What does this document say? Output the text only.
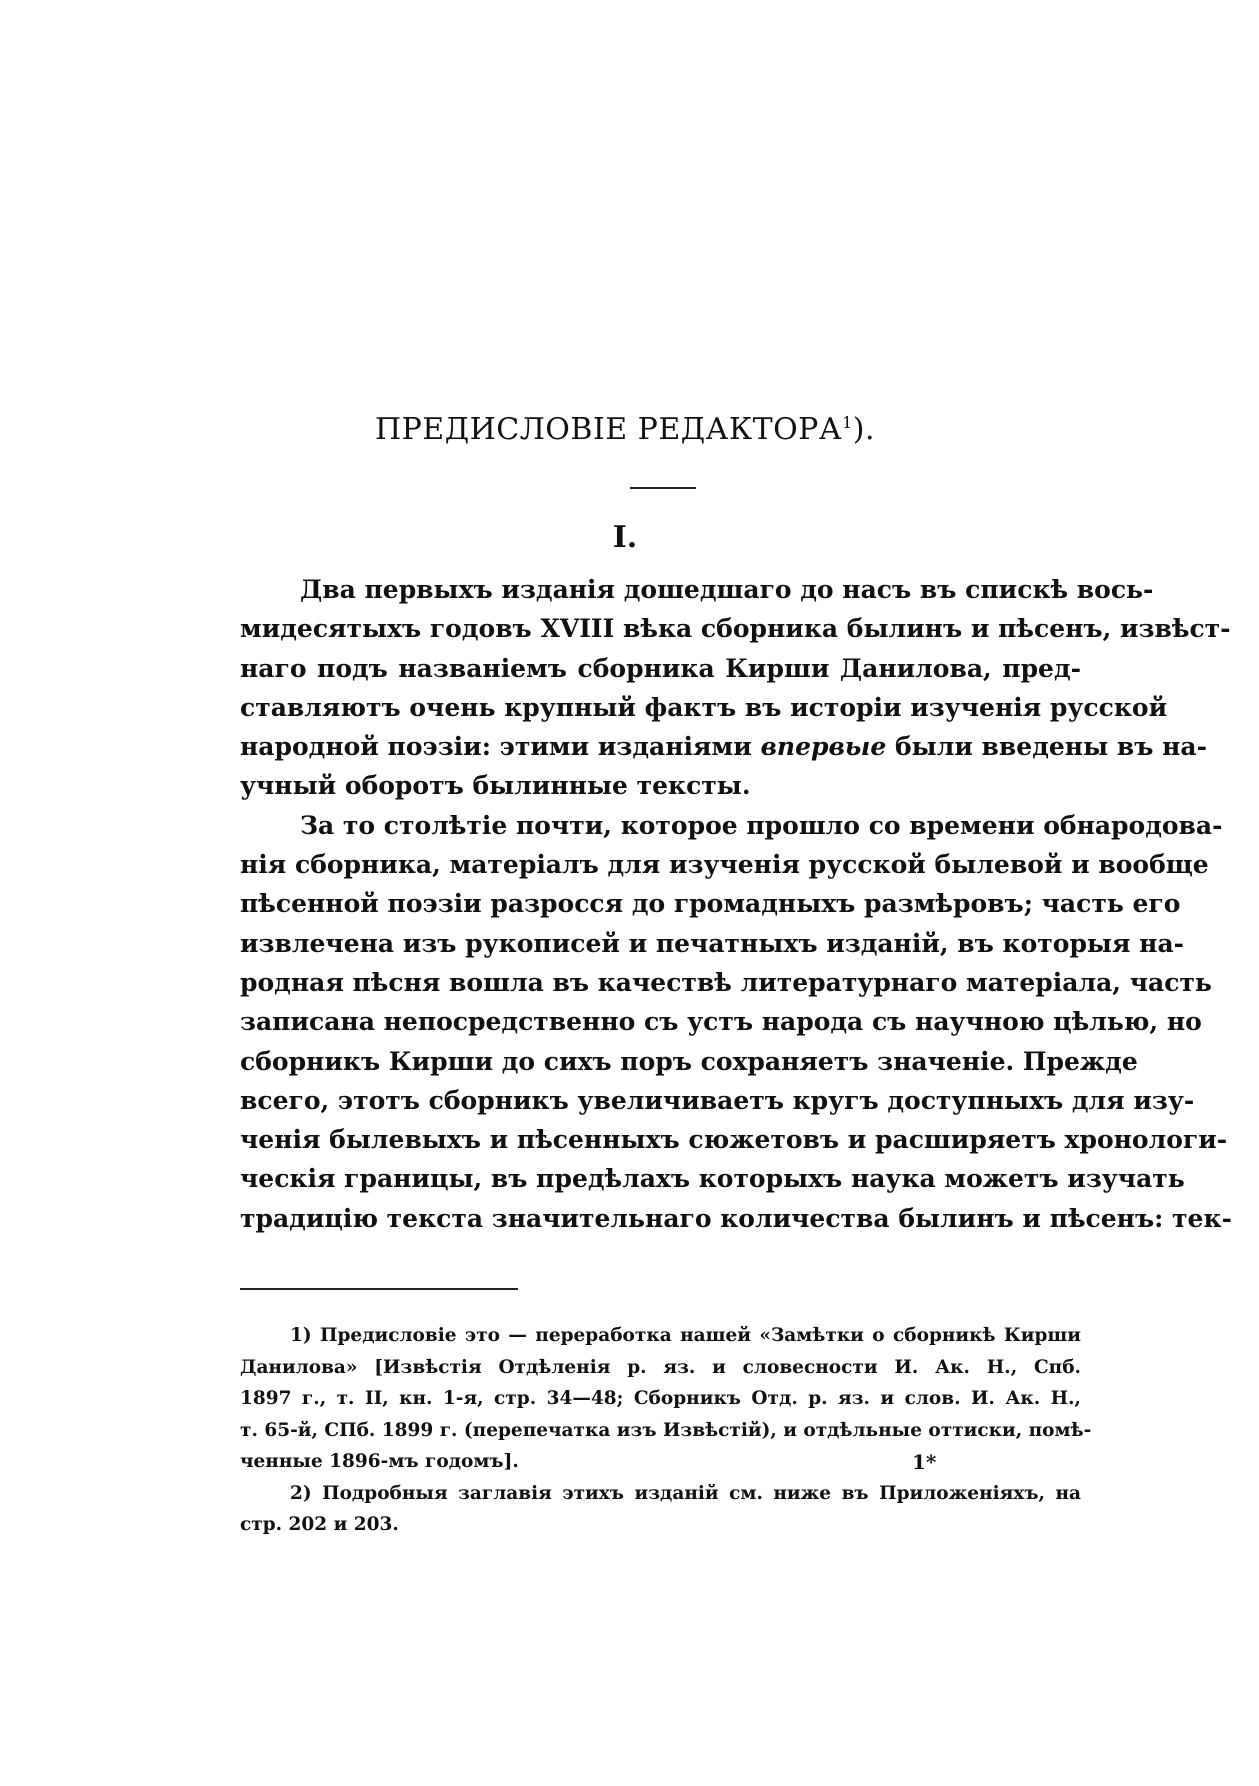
ПРЕДИСЛОВІЕ РЕДАКТОРА$^1$).
I.
Два первыхъ изданія дошедшаго до насъ въ спискѣ вось-
мидесятыхъ годовъ XVIII вѣка сборника былинъ и пѣсенъ, извѣст-
наго подъ названіемъ сборника Кирши Данилова, пред-
ставляютъ очень крупный фактъ въ исторіи изученія русской
народной поэзіи: этими изданіями впервые были введены въ на-
учный оборотъ былинные тексты.
За то столѣтіе почти, которое прошло со времени обнародова-
нія сборника, матеріалъ для изученія русской былевой и вообще
пѣсенной поэзіи разросся до громадныхъ размѣровъ; часть его
извлечена изъ рукописей и печатныхъ изданій, въ которыя на-
родная пѣсня вошла въ качествѣ литературнаго матеріала, часть
записана непосредственно съ устъ народа съ научною цѣлью, но
сборникъ Кирши до сихъ поръ сохраняетъ значеніе. Прежде
всего, этотъ сборникъ увеличиваетъ кругъ доступныхъ для изу-
ченія былевыхъ и пѣсенныхъ сюжетовъ и расширяетъ хронологи-
ческія границы, въ предѣлахъ которыхъ наука можетъ изучать
традицію текста значительнаго количества былинъ и пѣсенъ: тек-
1) Предисловіе это — переработка нашей «Замѣтки о сборникѣ Кирши
Данилова» [Извѣстія Отдѣленія р. яз. и словесности И. Ак. Н., Спб.
1897 г., т. II, кн. 1-я, стр. 34—48; Сборникъ Отд. р. яз. и слов. И. Ак. Н.,
т. 65-й, СПб. 1899 г. (перепечатка изъ Извѣстій), и отдѣльные оттиски, помѣ-
ченные 1896-мъ годомъ].
2) Подробныя заглавія этихъ изданій см. ниже въ Приложеніяхъ, на
стр. 202 и 203.
1*
